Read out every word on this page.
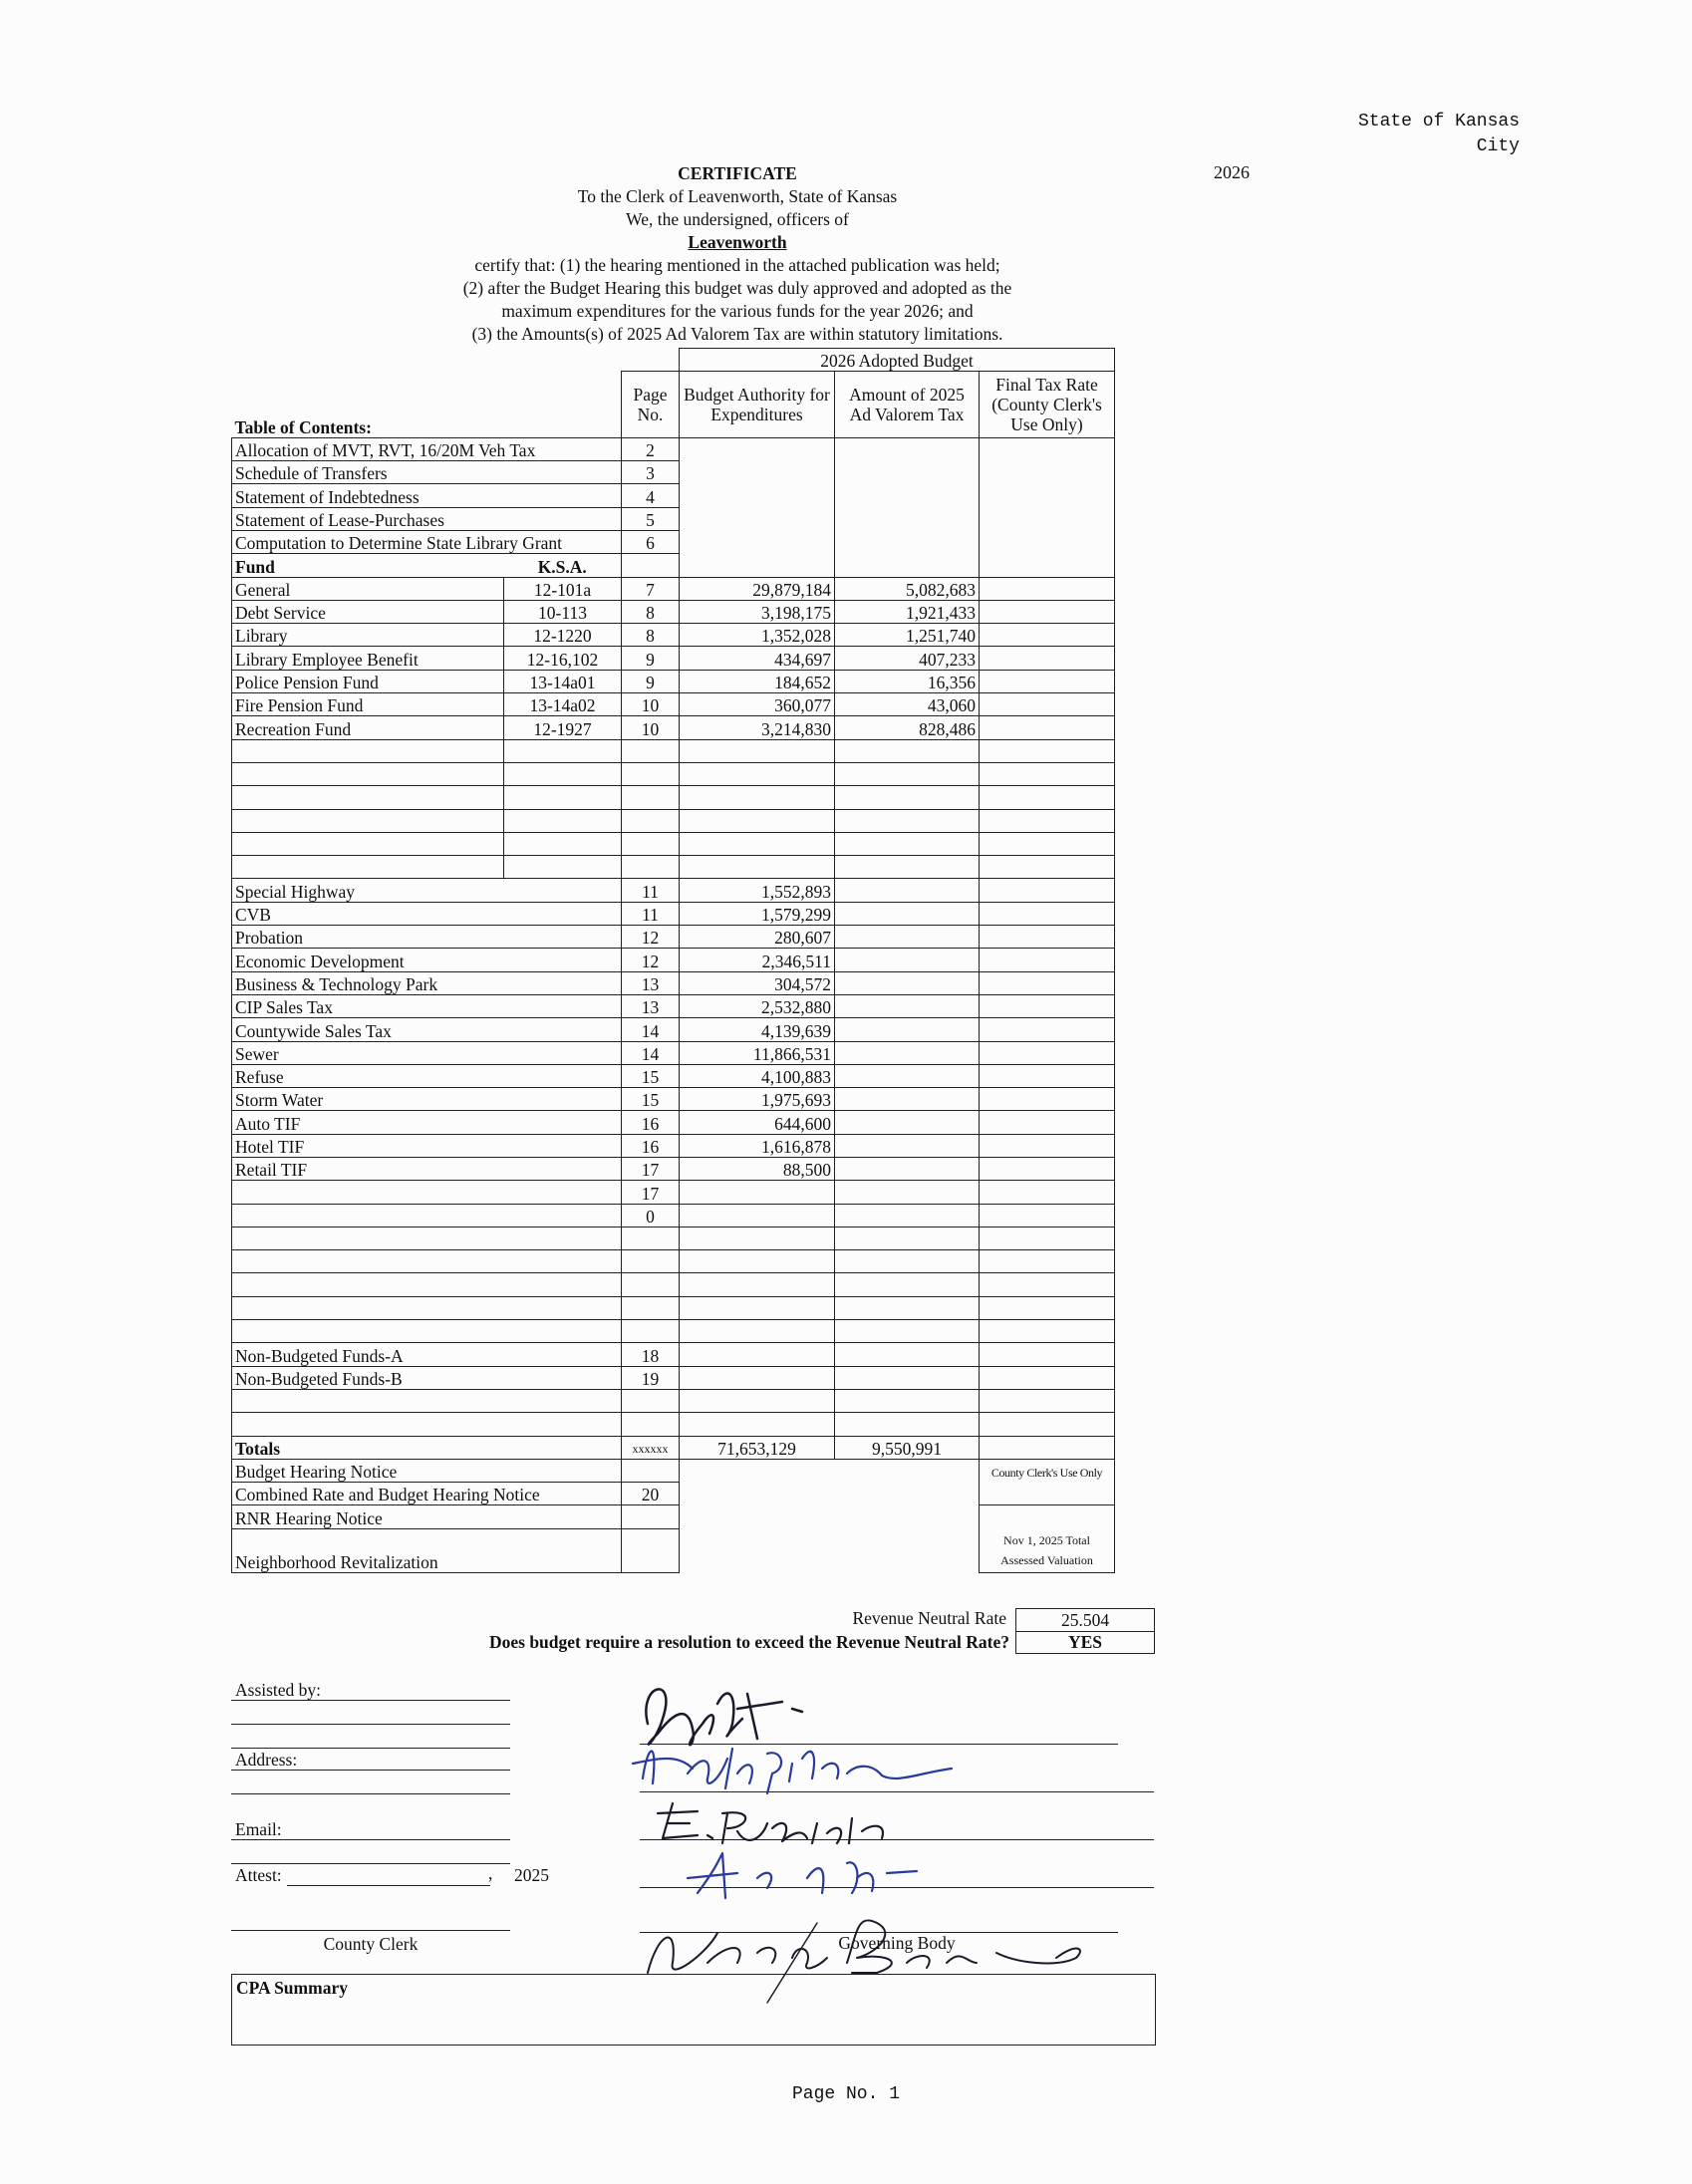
State of Kansas
City
2026
CERTIFICATE
To the Clerk of Leavenworth, State of Kansas
We, the undersigned, officers of
Leavenworth
certify that: (1) the hearing mentioned in the attached publication was held;
(2) after the Budget Hearing this budget was duly approved and adopted as the
maximum expenditures for the various funds for the year 2026; and
(3) the Amounts(s) of 2025 Ad Valorem Tax are within statutory limitations.
			2026 Adopted Budget		
Table of Contents:		Page No.	Budget Authority for Expenditures	Amount of 2025 Ad Valorem Tax	Final Tax Rate (County Clerk's Use Only)
Allocation of MVT, RVT, 16/20M Veh Tax		2			
Schedule of Transfers		3			
Statement of Indebtedness		4			
Statement of Lease-Purchases		5			
Computation to Determine State Library Grant		6			
Fund	K.S.A.				
General	12-101a	7	29,879,184	5,082,683	
Debt Service	10-113	8	3,198,175	1,921,433	
Library	12-1220	8	1,352,028	1,251,740	
Library Employee Benefit	12-16,102	9	434,697	407,233	
Police Pension Fund	13-14a01	9	184,652	16,356	
Fire Pension Fund	13-14a02	10	360,077	43,060	
Recreation Fund	12-1927	10	3,214,830	828,486	

Special Highway		11	1,552,893		
CVB		11	1,579,299		
Probation		12	280,607		
Economic Development		12	2,346,511		
Business & Technology Park		13	304,572		
CIP Sales Tax		13	2,532,880		
Countywide Sales Tax		14	4,139,639		
Sewer		14	11,866,531		
Refuse		15	4,100,883		
Storm Water		15	1,975,693		
Auto TIF		16	644,600		
Hotel TIF		16	1,616,878		
Retail TIF		17	88,500		
		17			
		0			

Non-Budgeted Funds-A		18			
Non-Budgeted Funds-B		19			

Totals		xxxxxx	71,653,129	9,550,991	
Budget Hearing Notice					County Clerk's Use Only
Combined Rate and Budget Hearing Notice		20			
RNR Hearing Notice					
Neighborhood Revitalization					Nov 1, 2025 Total Assessed Valuation
Revenue Neutral Rate	25.504
Does budget require a resolution to exceed the Revenue Neutral Rate?	YES
Assisted by:
Address:
Email:
Attest:	, 2025
County Clerk	Governing Body
CPA Summary
Page No. 1
